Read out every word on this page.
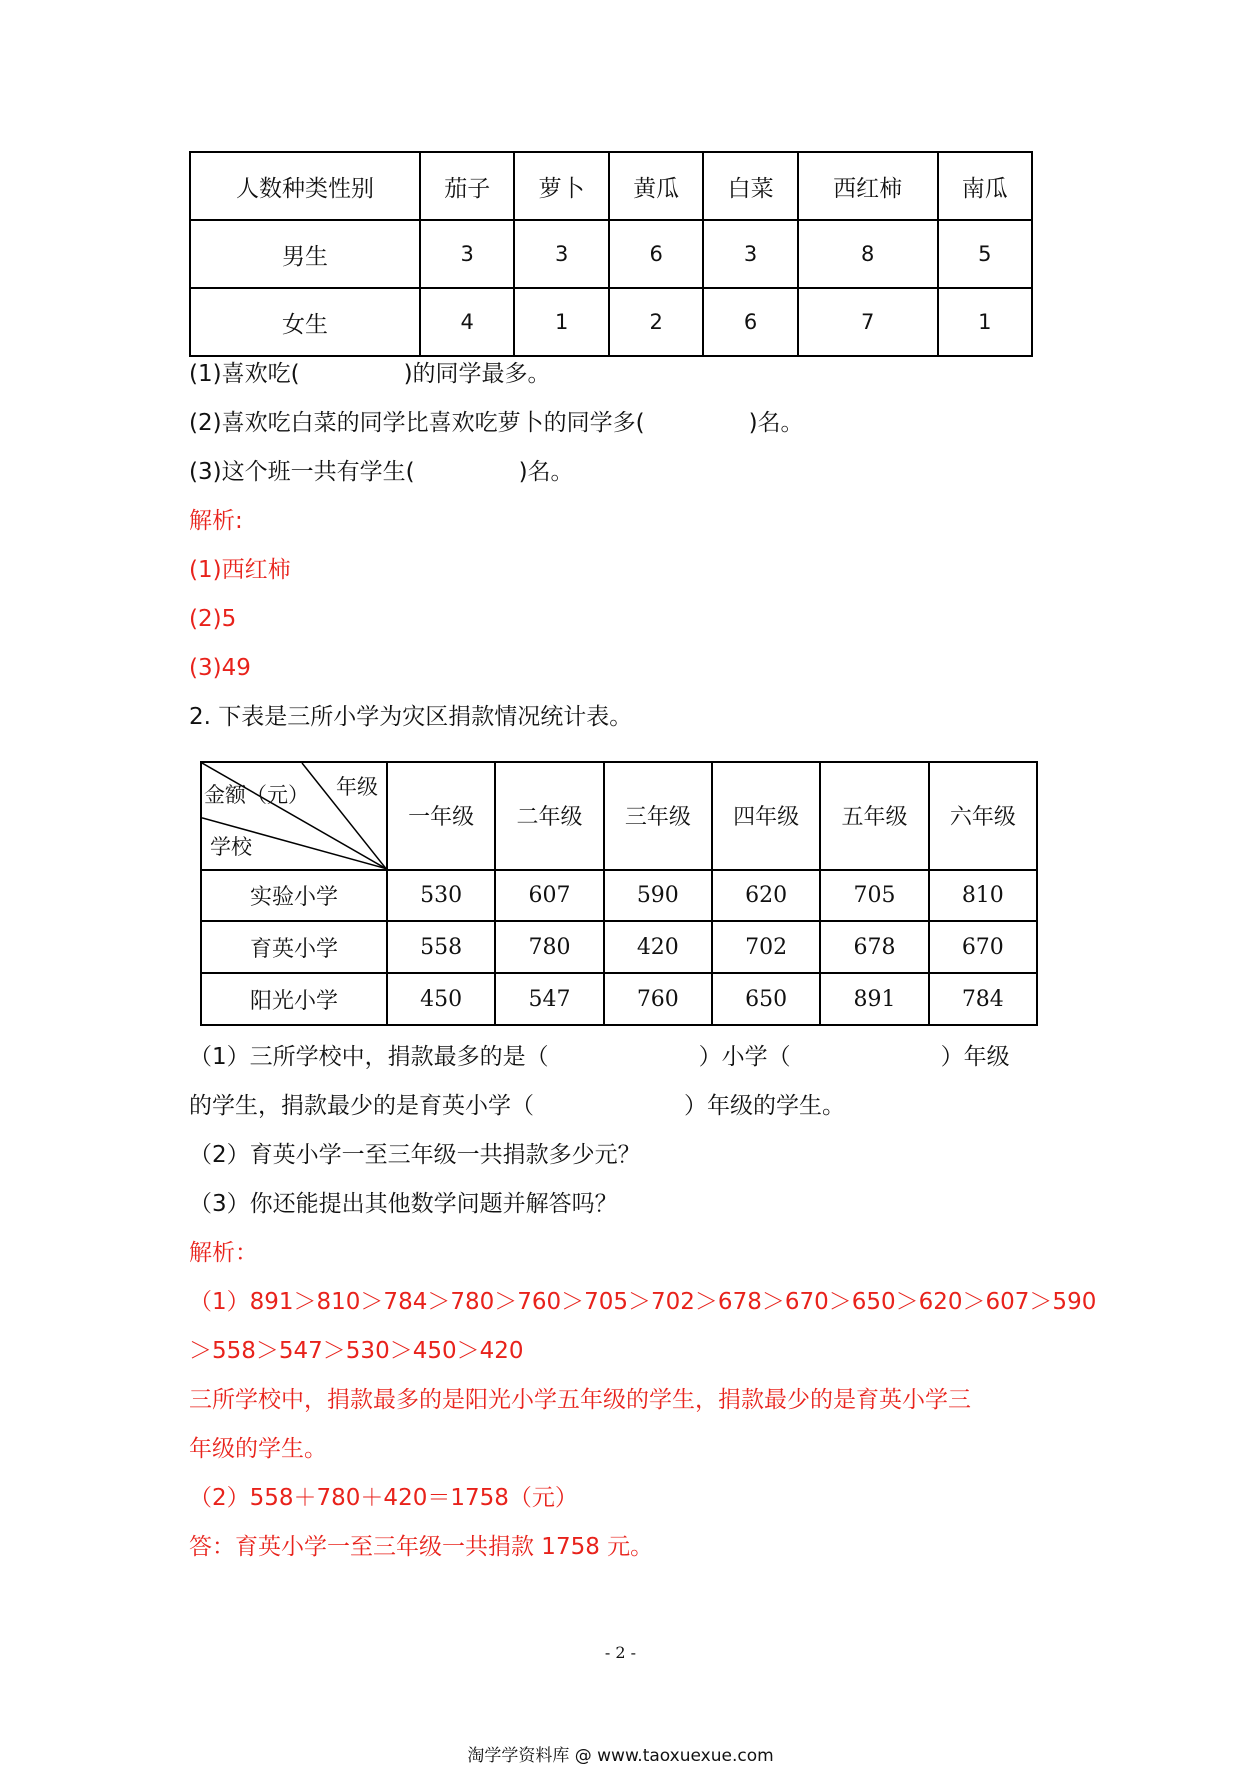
人数种类性别	茄子	萝卜	黄瓜	白菜	西红柿	南瓜
男生	3	3	6	3	8	5
女生	4	1	2	6	7	1
(1)喜欢吃(	)的同学最多。
(2)喜欢吃白菜的同学比喜欢吃萝卜的同学多(	)名。
(3)这个班一共有学生(	)名。
解析:
(1)西红柿
(2)5
(3)49
2. 下表是三所小学为灾区捐款情况统计表。
金额（元） 年级
学校	一年级	二年级	三年级	四年级	五年级	六年级
实验小学	530	607	590	620	705	810
育英小学	558	780	420	702	678	670
阳光小学	450	547	760	650	891	784
（1）三所学校中，捐款最多的是（	）小学（	）年级
的学生，捐款最少的是育英小学（	）年级的学生。
（2）育英小学一至三年级一共捐款多少元？
（3）你还能提出其他数学问题并解答吗？
解析：
（1）891＞810＞784＞780＞760＞705＞702＞678＞670＞650＞620＞607＞590
＞558＞547＞530＞450＞420
三所学校中，捐款最多的是阳光小学五年级的学生，捐款最少的是育英小学三
年级的学生。
（2）558＋780＋420＝1758（元）
答：育英小学一至三年级一共捐款 1758 元。
- 2 -
淘学学资料库 @ www.taoxuexue.com
